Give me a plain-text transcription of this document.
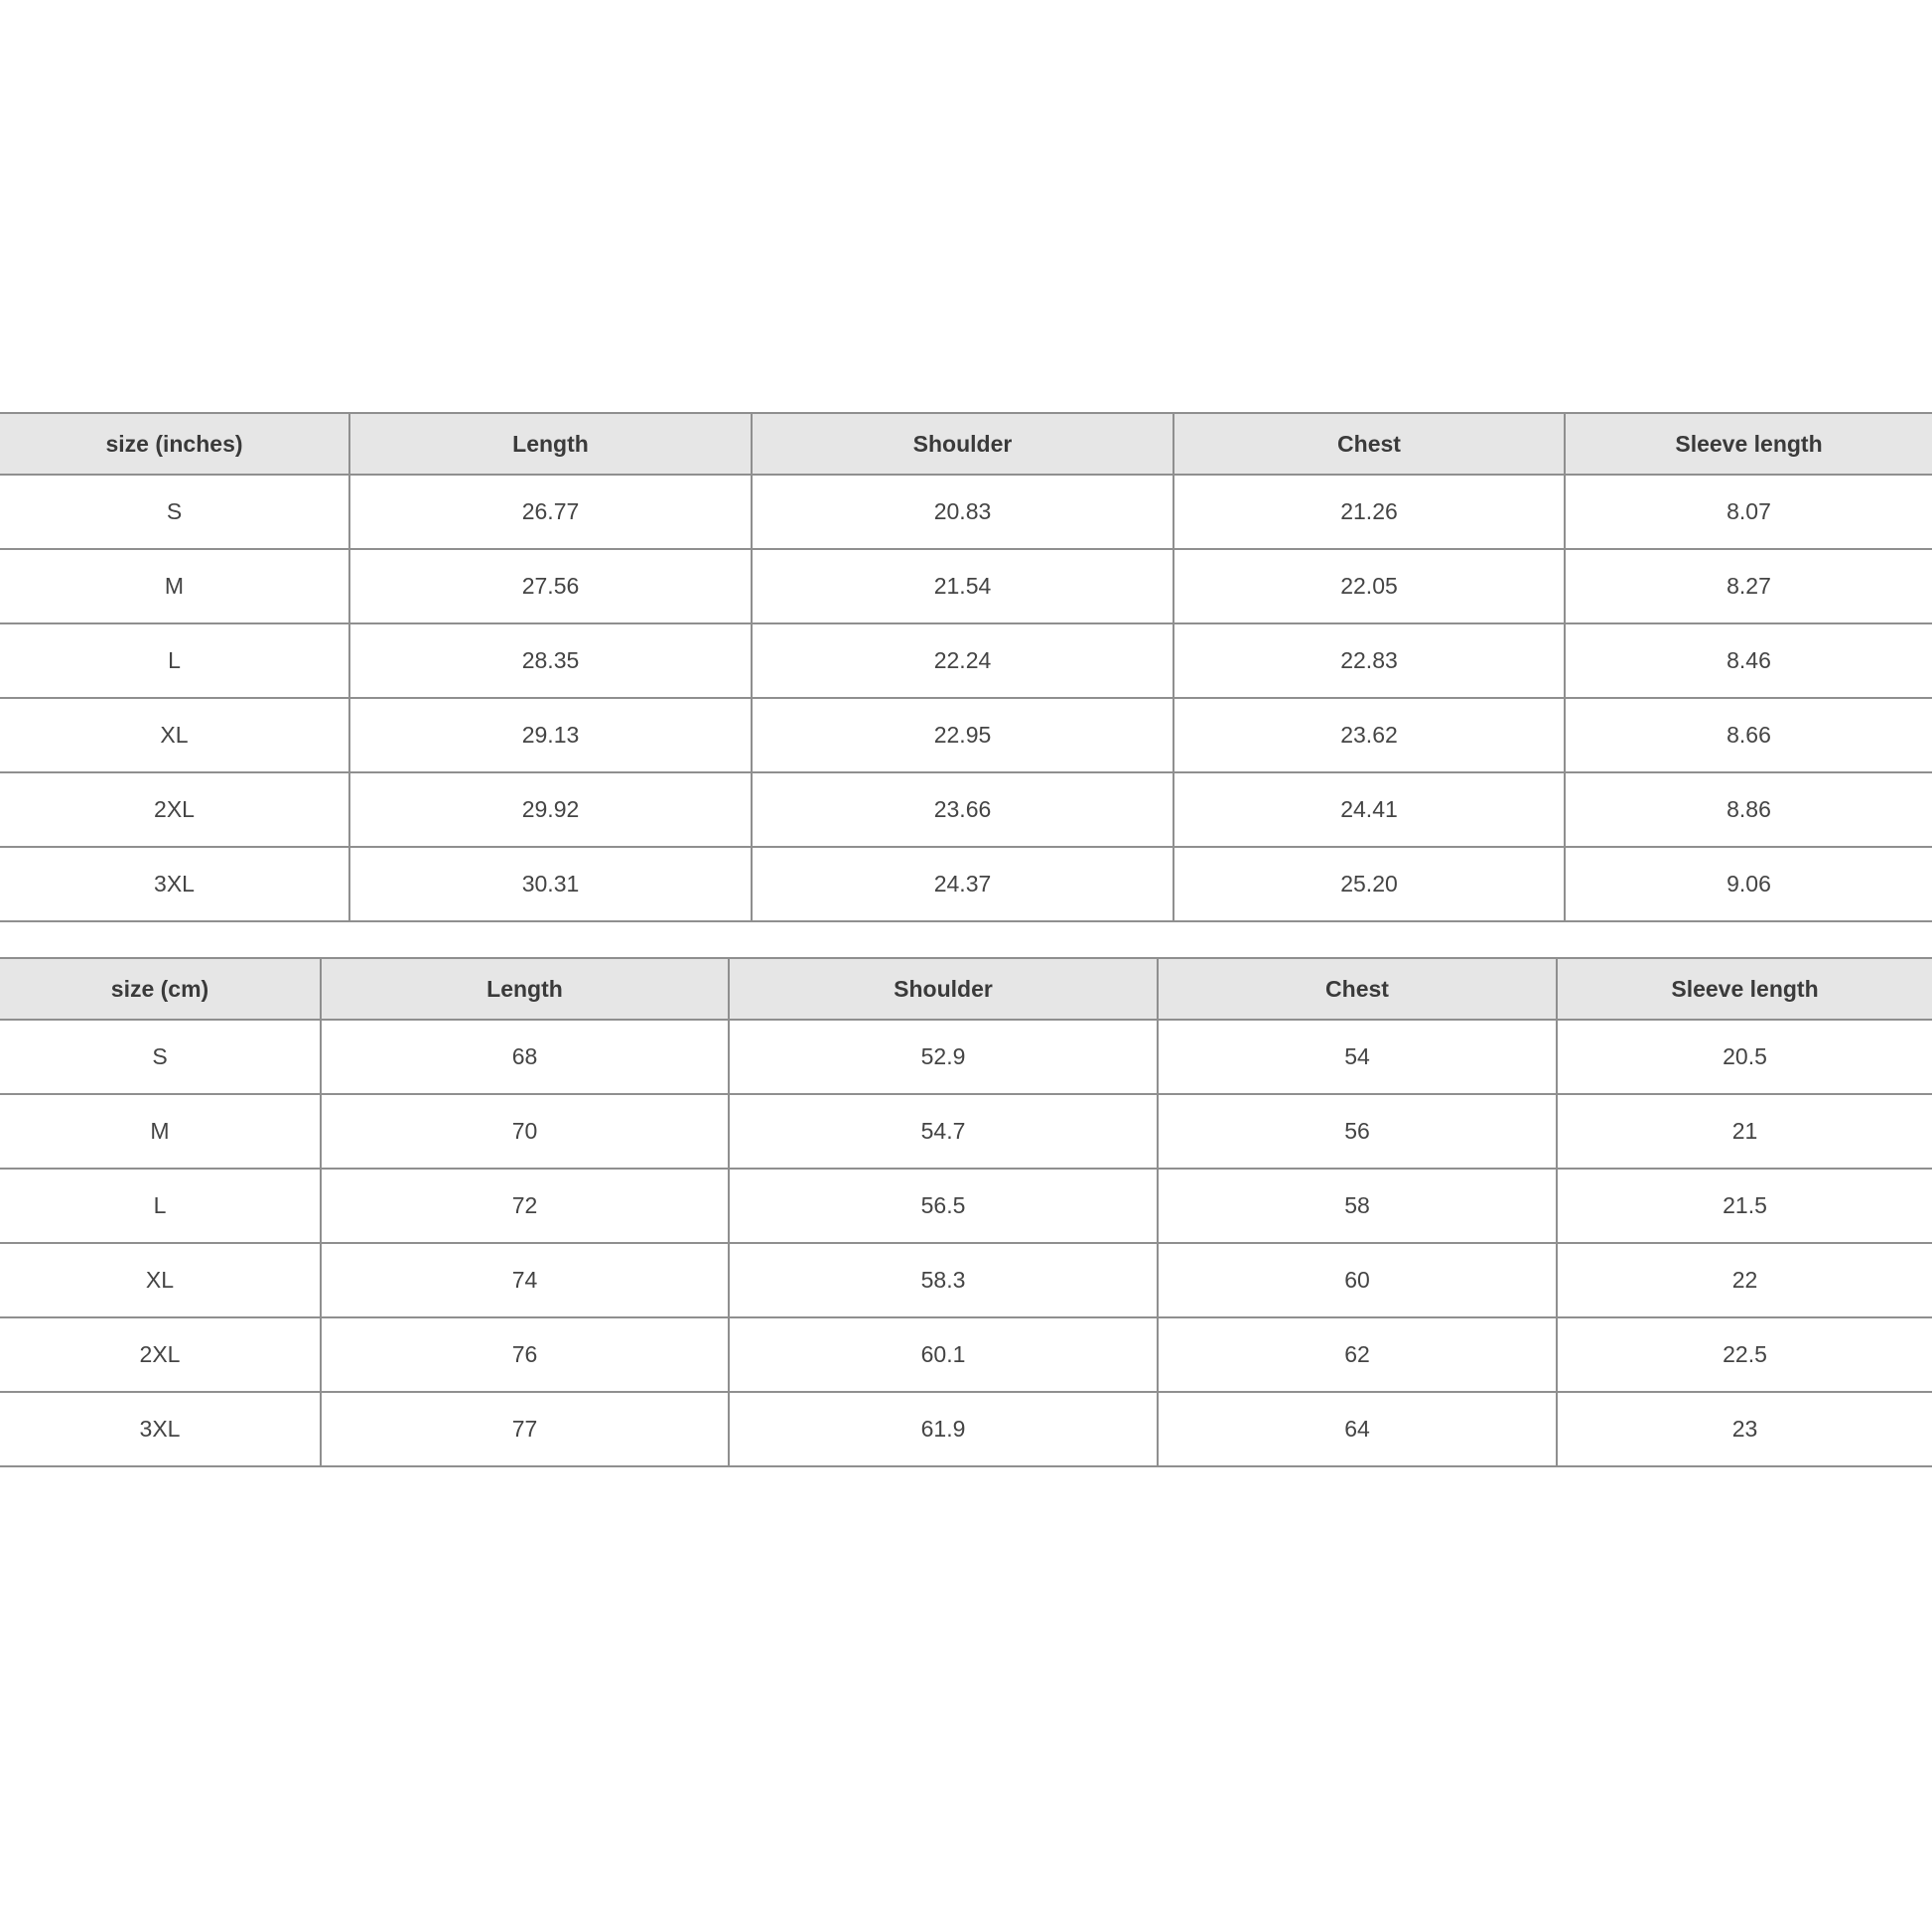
size (inches)	Length	Shoulder	Chest	Sleeve length
S	26.77	20.83	21.26	8.07
M	27.56	21.54	22.05	8.27
L	28.35	22.24	22.83	8.46
XL	29.13	22.95	23.62	8.66
2XL	29.92	23.66	24.41	8.86
3XL	30.31	24.37	25.20	9.06
size (cm)	Length	Shoulder	Chest	Sleeve length
S	68	52.9	54	20.5
M	70	54.7	56	21
L	72	56.5	58	21.5
XL	74	58.3	60	22
2XL	76	60.1	62	22.5
3XL	77	61.9	64	23
